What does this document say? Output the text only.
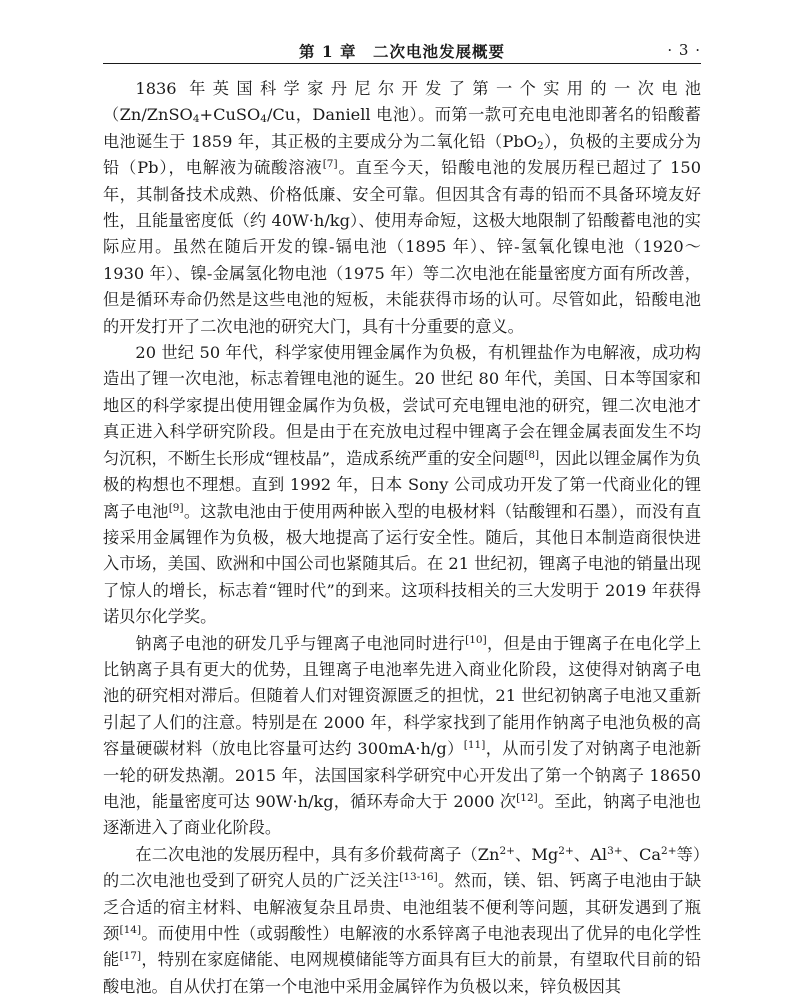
第 1 章　二次电池发展概要	· 3 ·

1836 年英国科学家丹尼尔开发了第一个实用的一次电池（Zn/ZnSO$_4$+CuSO$_4$/Cu，Daniell 电池）。而第一款可充电电池即著名的铅酸蓄电池诞生于 1859 年，其正极的主要成分为二氧化铅（PbO$_2$），负极的主要成分为铅（Pb），电解液为硫酸溶液[7]。直至今天，铅酸电池的发展历程已超过了 150 年，其制备技术成熟、价格低廉、安全可靠。但因其含有毒的铅而不具备环境友好性，且能量密度低（约 40W·h/kg）、使用寿命短，这极大地限制了铅酸蓄电池的实际应用。虽然在随后开发的镍-镉电池（1895 年）、锌-氢氧化镍电池（1920～1930 年）、镍-金属氢化物电池（1975 年）等二次电池在能量密度方面有所改善，但是循环寿命仍然是这些电池的短板，未能获得市场的认可。尽管如此，铅酸电池的开发打开了二次电池的研究大门，具有十分重要的意义。

20 世纪 50 年代，科学家使用锂金属作为负极，有机锂盐作为电解液，成功构造出了锂一次电池，标志着锂电池的诞生。20 世纪 80 年代，美国、日本等国家和地区的科学家提出使用锂金属作为负极，尝试可充电锂电池的研究，锂二次电池才真正进入科学研究阶段。但是由于在充放电过程中锂离子会在锂金属表面发生不均匀沉积，不断生长形成“锂枝晶”，造成系统严重的安全问题[8]，因此以锂金属作为负极的构想也不理想。直到 1992 年，日本 Sony 公司成功开发了第一代商业化的锂离子电池[9]。这款电池由于使用两种嵌入型的电极材料（钴酸锂和石墨），而没有直接采用金属锂作为负极，极大地提高了运行安全性。随后，其他日本制造商很快进入市场，美国、欧洲和中国公司也紧随其后。在 21 世纪初，锂离子电池的销量出现了惊人的增长，标志着“锂时代”的到来。这项科技相关的三大发明于 2019 年获得诺贝尔化学奖。

钠离子电池的研发几乎与锂离子电池同时进行[10]，但是由于锂离子在电化学上比钠离子具有更大的优势，且锂离子电池率先进入商业化阶段，这使得对钠离子电池的研究相对滞后。但随着人们对锂资源匮乏的担忧，21 世纪初钠离子电池又重新引起了人们的注意。特别是在 2000 年，科学家找到了能用作钠离子电池负极的高容量硬碳材料（放电比容量可达约 300mA·h/g）[11]，从而引发了对钠离子电池新一轮的研发热潮。2015 年，法国国家科学研究中心开发出了第一个钠离子 18650 电池，能量密度可达 90W·h/kg，循环寿命大于 2000 次[12]。至此，钠离子电池也逐渐进入了商业化阶段。

在二次电池的发展历程中，具有多价载荷离子（$Zn^{2+}$、$Mg^{2+}$、$Al^{3+}$、$Ca^{2+}$等）的二次电池也受到了研究人员的广泛关注[13-16]。然而，镁、铝、钙离子电池由于缺乏合适的宿主材料、电解液复杂且昂贵、电池组装不便利等问题，其研发遇到了瓶颈[14]。而使用中性（或弱酸性）电解液的水系锌离子电池表现出了优异的电化学性能[17]，特别在家庭储能、电网规模储能等方面具有巨大的前景，有望取代目前的铅酸电池。自从伏打在第一个电池中采用金属锌作为负极以来，锌负极因其
